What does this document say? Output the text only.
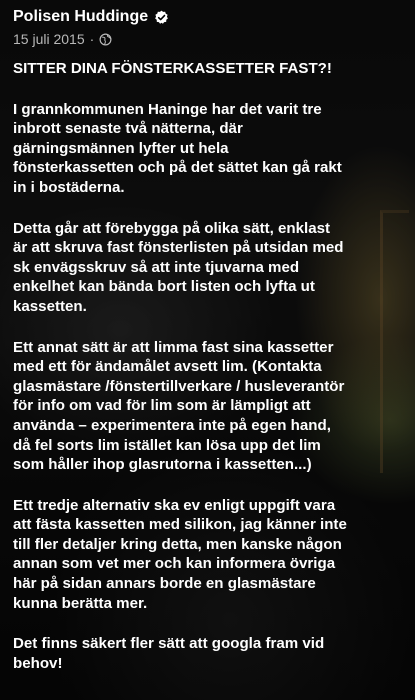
Polisen Huddinge
15 juli 2015 ·

SITTER DINA FÖNSTERKASSETTER FAST?!

I grannkommunen Haninge har det varit tre
inbrott senaste två nätterna, där
gärningsmännen lyfter ut hela
fönsterkassetten och på det sättet kan gå rakt
in i bostäderna.

Detta går att förebygga på olika sätt, enklast
är att skruva fast fönsterlisten på utsidan med
sk envägsskruv så att inte tjuvarna med
enkelhet kan bända bort listen och lyfta ut
kassetten.

Ett annat sätt är att limma fast sina kassetter
med ett för ändamålet avsett lim. (Kontakta
glasmästare /fönstertillverkare / husleverantör
för info om vad för lim som är lämpligt att
använda – experimentera inte på egen hand,
då fel sorts lim istället kan lösa upp det lim
som håller ihop glasrutorna i kassetten...)

Ett tredje alternativ ska ev enligt uppgift vara
att fästa kassetten med silikon, jag känner inte
till fler detaljer kring detta, men kanske någon
annan som vet mer och kan informera övriga
här på sidan annars borde en glasmästare
kunna berätta mer.

Det finns säkert fler sätt att googla fram vid
behov!
